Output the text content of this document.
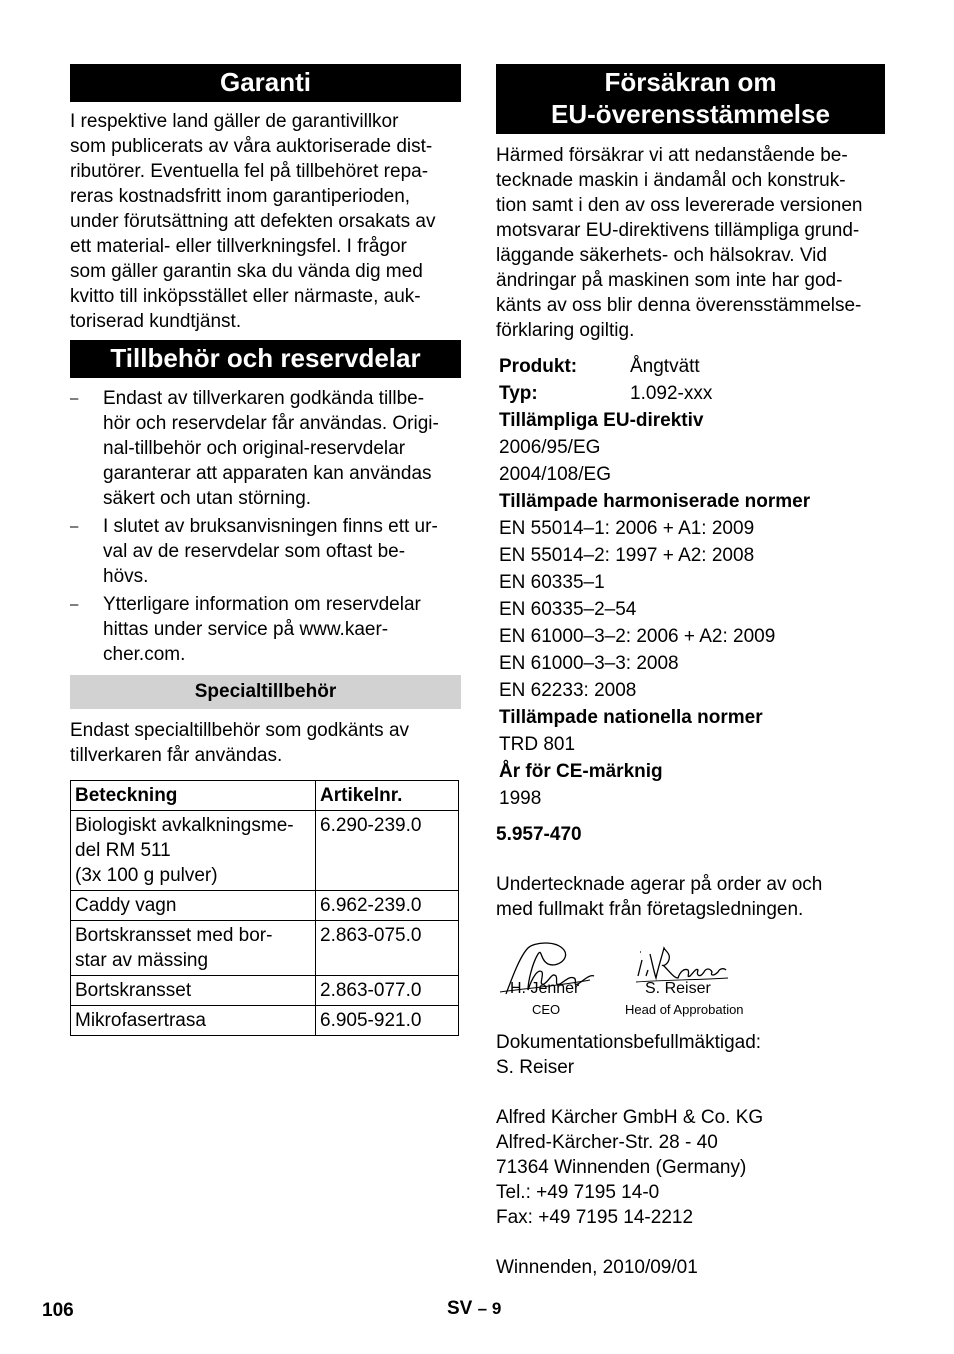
Garanti
I respektive land gäller de garantivillkor
som publicerats av våra auktoriserade dist-
ributörer. Eventuella fel på tillbehöret repa-
reras kostnadsfritt inom garantiperioden,
under förutsättning att defekten orsakats av
ett material- eller tillverkningsfel. I frågor
som gäller garantin ska du vända dig med
kvitto till inköpsstället eller närmaste, auk-
toriserad kundtjänst.
Tillbehör och reservdelar
– Endast av tillverkaren godkända tillbe-
hör och reservdelar får användas. Origi-
nal-tillbehör och original-reservdelar
garanterar att apparaten kan användas
säkert och utan störning.
– I slutet av bruksanvisningen finns ett ur-
val av de reservdelar som oftast be-
hövs.
– Ytterligare information om reservdelar
hittas under service på www.kaer-
cher.com.
Specialtillbehör
Endast specialtillbehör som godkänts av
tillverkaren får användas.
Beteckning	Artikelnr.

Biologiskt avkalkningsme-
del RM 511
(3x 100 g pulver)	6.290-239.0

Caddy vagn	6.962-239.0

Bortskransset med bor-
star av mässing	2.863-075.0

Bortskransset	2.863-077.0

Mikrofasertrasa	6.905-921.0
Försäkran om
EU-överensstämmelse
Härmed försäkrar vi att nedanstående be-
tecknade maskin i ändamål och konstruk-
tion samt i den av oss levererade versionen
motsvarar EU-direktivens tillämpliga grund-
läggande säkerhets- och hälsokrav. Vid
ändringar på maskinen som inte har god-
känts av oss blir denna överensstämmelse-
förklaring ogiltig.
Produkt:	Ångtvätt
Typ:	1.092-xxx
Tillämpliga EU-direktiv
2006/95/EG
2004/108/EG
Tillämpade harmoniserade normer
EN 55014–1: 2006 + A1: 2009
EN 55014–2: 1997 + A2: 2008
EN 60335–1
EN 60335–2–54
EN 61000–3–2: 2006 + A2: 2009
EN 61000–3–3: 2008
EN 62233: 2008
Tillämpade nationella normer
TRD 801
År för CE-märknig
1998
5.957-470
Undertecknade agerar på order av och
med fullmakt från företagsledningen.
H. Jenner
CEO
S. Reiser
Head of Approbation
Dokumentationsbefullmäktigad:
S. Reiser
Alfred Kärcher GmbH & Co. KG
Alfred-Kärcher-Str. 28 - 40
71364 Winnenden (Germany)
Tel.: +49 7195 14-0
Fax: +49 7195 14-2212
Winnenden, 2010/09/01
106	SV – 9
